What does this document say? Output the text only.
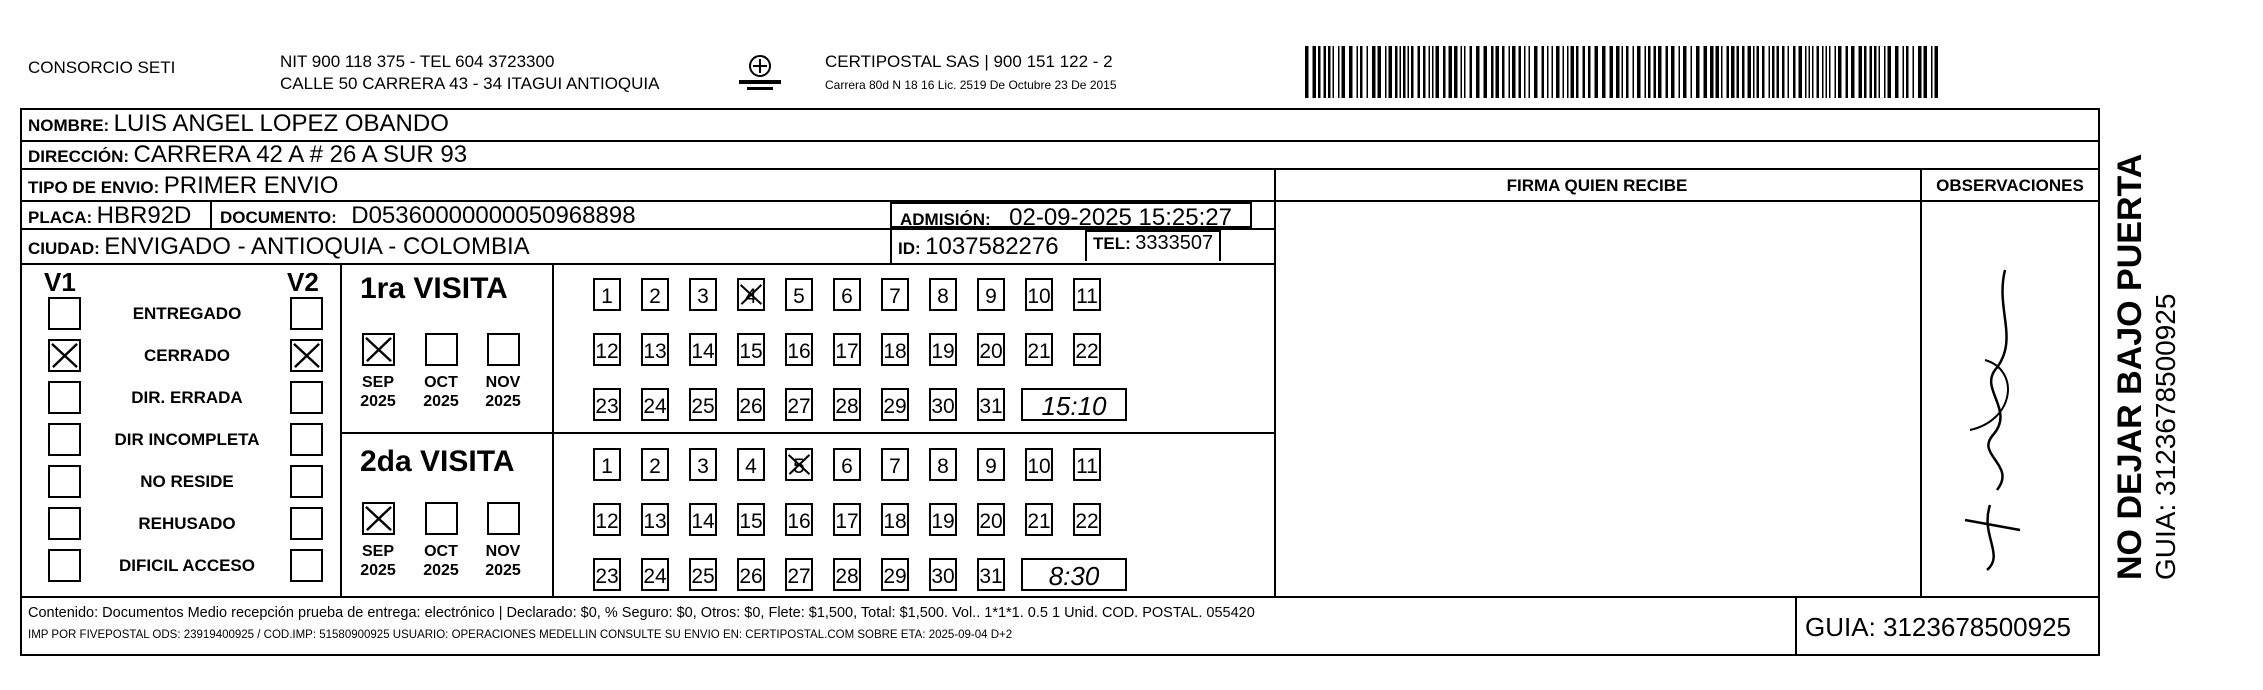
CONSORCIO SETI	NIT 900 118 375 - TEL 604 3723300
CALLE 50 CARRERA 43 - 34 ITAGUI ANTIOQUIA
CERTIPOSTAL SAS | 900 151 122 - 2
Carrera 80d N 18 16 Lic. 2519 De Octubre 23 De 2015
NOMBRE: LUIS ANGEL LOPEZ OBANDO
DIRECCIÓN: CARRERA 42 A # 26 A SUR 93
TIPO DE ENVIO: PRIMER ENVIO	FIRMA QUIEN RECIBE	OBSERVACIONES
PLACA: HBR92D DOCUMENTO: D05360000000050968898	ADMISIÓN: 02-09-2025 15:25:27
CIUDAD: ENVIGADO - ANTIOQUIA - COLOMBIA	ID: 1037582276	TEL: 3333507
V1	V2
ENTREGADO
CERRADO
DIR. ERRADA
DIR INCOMPLETA
NO RESIDE
REHUSADO
DIFICIL ACCESO
1ra VISITA
2da VISITA
SEP
2025
OCT
2025
NOV
2025
SEP
2025
OCT
2025
NOV
2025
1	2	3	4	5	6	7	8	9	10 11
12 13 14 15 16 17 18 19 20 21 22
23 24 25 26 27 28 29 30 31	15:10
1	2	3	4	5	6	7	8	9	10 11
12 13 14 15 16 17 18 19 20 21 22
23 24 25 26 27 28 29 30 31	8:30
Contenido: Documentos Medio recepción prueba de entrega: electrónico | Declarado: $0, % Seguro: $0, Otros: $0, Flete: $1,500, Total: $1,500. Vol.. 1*1*1. 0.5 1 Unid. COD. POSTAL. 055420
IMP POR FIVEPOSTAL ODS: 23919400925 / COD.IMP: 51580900925 USUARIO: OPERACIONES MEDELLIN CONSULTE SU ENVIO EN: CERTIPOSTAL.COM SOBRE ETA: 2025-09-04 D+2	GUIA: 3123678500925
NO DEJAR BAJO PUERTA GUIA: 3123678500925
